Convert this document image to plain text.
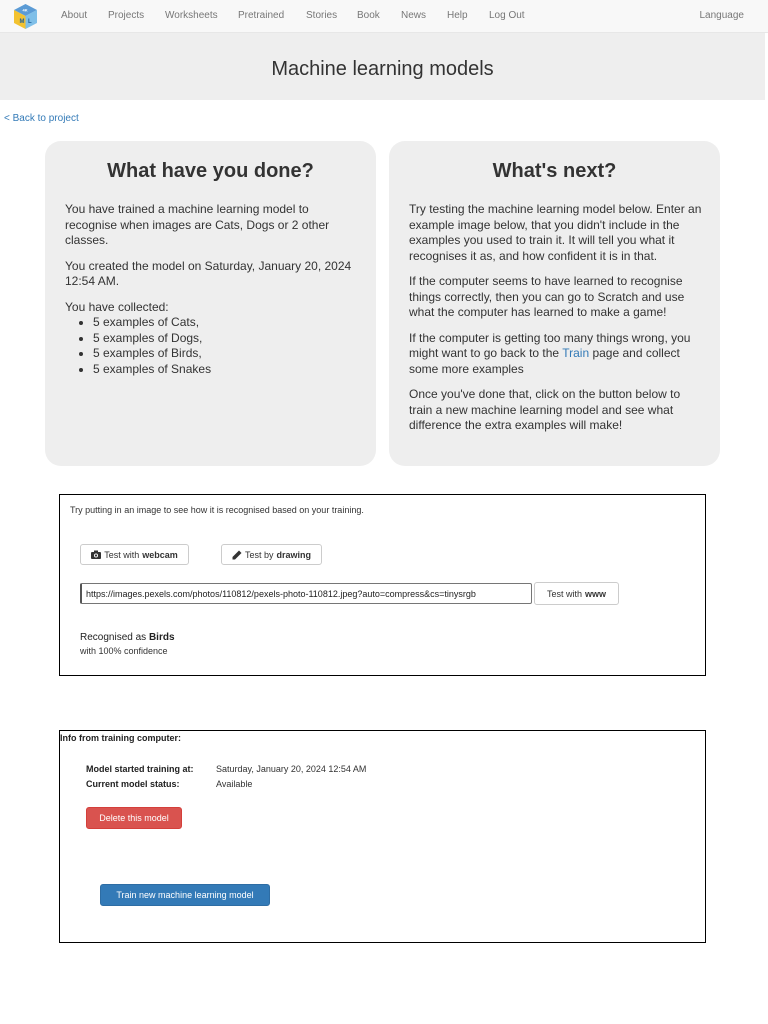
M L
4K	About Projects Worksheets Pretrained Stories Book News Help Log Out	Language
Machine learning models
< Back to project
What have you done?

You have trained a machine learning model to recognise when images are Cats, Dogs or 2 other classes.

You created the model on Saturday, January 20, 2024 12:54 AM.

You have collected:

• 5 examples of Cats,
• 5 examples of Dogs,
• 5 examples of Birds,
• 5 examples of Snakes
What's next?

Try testing the machine learning model below. Enter an example image below, that you didn't include in the examples you used to train it. It will tell you what it recognises it as, and how confident it is in that.

If the computer seems to have learned to recognise things correctly, then you can go to Scratch and use what the computer has learned to make a game!

If the computer is getting too many things wrong, you might want to go back to the Train page and collect some more examples

Once you've done that, click on the button below to train a new machine learning model and see what difference the extra examples will make!

Try putting in an image to see how it is recognised based on your training.
Test with webcam	Test by drawing
https://images.pexels.com/photos/110812/pexels-photo-110812.jpeg?auto=compress&cs=tinysrgb
Test with www
Recognised as Birds
with 100% confidence
Info from training computer:
Model started training at: Saturday, January 20, 2024 12:54 AM
Current model status:	Available
Delete this model
Train new machine learning model
